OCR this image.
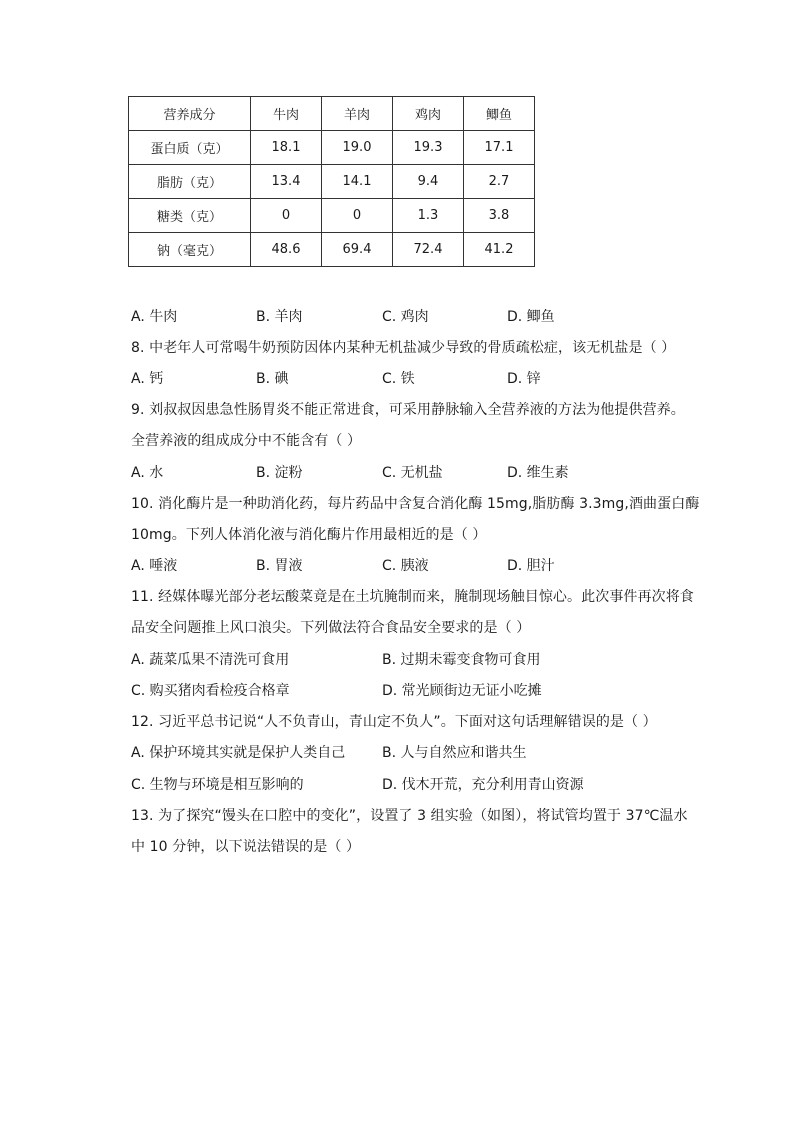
营养成分	牛肉	羊肉	鸡肉	鲫鱼
蛋白质（克）	18.1	19.0	19.3	17.1
脂肪（克）	13.4	14.1	9.4	2.7
糖类（克）	0	0	1.3	3.8
钠（毫克）	48.6	69.4	72.4	41.2
A. 牛肉	B. 羊肉	C. 鸡肉	D. 鲫鱼
8. 中老年人可常喝牛奶预防因体内某种无机盐减少导致的骨质疏松症，该无机盐是（ ）
A. 钙	B. 碘	C. 铁	D. 锌
9. 刘叔叔因患急性肠胃炎不能正常进食，可采用静脉输入全营养液的方法为他提供营养。
全营养液的组成成分中不能含有（ ）
A. 水	B. 淀粉	C. 无机盐	D. 维生素
10. 消化酶片是一种助消化药，每片药品中含复合消化酶 15mg,脂肪酶 3.3mg,酒曲蛋白酶
10mg。下列人体消化液与消化酶片作用最相近的是（ ）
A. 唾液	B. 胃液	C. 胰液	D. 胆汁
11. 经媒体曝光部分老坛酸菜竟是在土坑腌制而来，腌制现场触目惊心。此次事件再次将食
品安全问题推上风口浪尖。下列做法符合食品安全要求的是（ ）
A. 蔬菜瓜果不清洗可食用	B. 过期未霉变食物可食用
C. 购买猪肉看检疫合格章	D. 常光顾街边无证小吃摊
12. 习近平总书记说“人不负青山，青山定不负人”。下面对这句话理解错误的是（ ）
A. 保护环境其实就是保护人类自己	B. 人与自然应和谐共生
C. 生物与环境是相互影响的	D. 伐木开荒，充分利用青山资源
13. 为了探究“馒头在口腔中的变化”，设置了 3 组实验（如图），将试管均置于 37℃温水
中 10 分钟，以下说法错误的是（ ）
